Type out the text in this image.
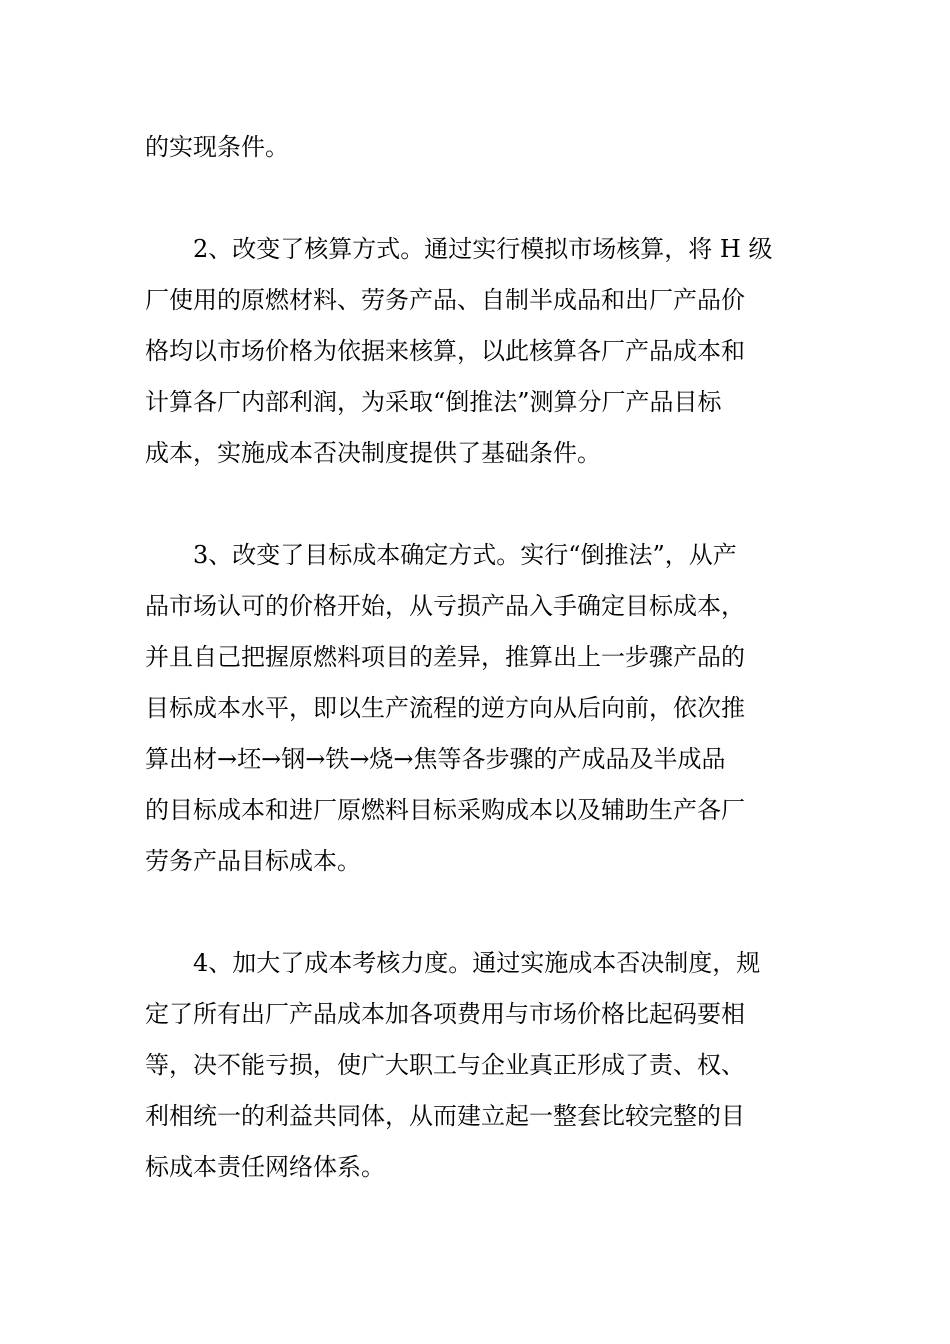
的实现条件。
2、改变了核算方式。通过实行模拟市场核算，将 H 级
厂使用的原燃材料、劳务产品、自制半成品和出厂产品价
格均以市场价格为依据来核算，以此核算各厂产品成本和
计算各厂内部利润，为采取“倒推法”测算分厂产品目标
成本，实施成本否决制度提供了基础条件。
3、改变了目标成本确定方式。实行“倒推法”，从产
品市场认可的价格开始，从亏损产品入手确定目标成本，
并且自己把握原燃料项目的差异，推算出上一步骤产品的
目标成本水平，即以生产流程的逆方向从后向前，依次推
算出材→坯→钢→铁→烧→焦等各步骤的产成品及半成品
的目标成本和进厂原燃料目标采购成本以及辅助生产各厂
劳务产品目标成本。
4、加大了成本考核力度。通过实施成本否决制度，规
定了所有出厂产品成本加各项费用与市场价格比起码要相
等，决不能亏损，使广大职工与企业真正形成了责、权、
利相统一的利益共同体，从而建立起一整套比较完整的目
标成本责任网络体系。
